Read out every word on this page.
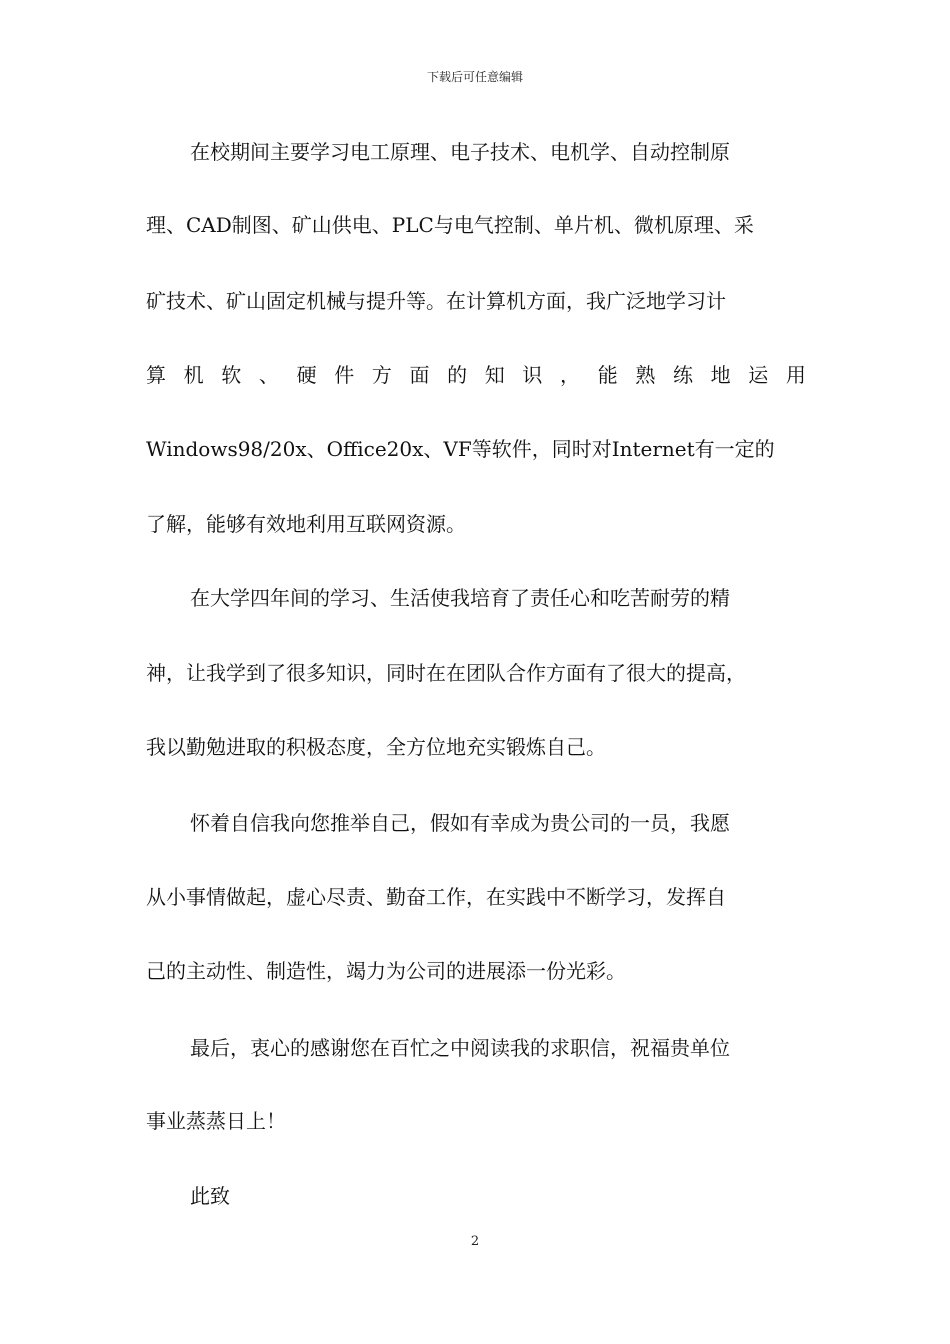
下载后可任意编辑
在校期间主要学习电工原理、电子技术、电机学、自动控制原
理、CAD制图、矿山供电、PLC与电气控制、单片机、微机原理、采
矿技术、矿山固定机械与提升等。在计算机方面，我广泛地学习计
算 机 软 、 硬 件 方 面 的 知 识 ， 能 熟 练 地 运 用
Windows98/20x、Office20x、VF等软件，同时对Internet有一定的
了解，能够有效地利用互联网资源。
在大学四年间的学习、生活使我培育了责任心和吃苦耐劳的精
神，让我学到了很多知识，同时在在团队合作方面有了很大的提高，
我以勤勉进取的积极态度，全方位地充实锻炼自己。
怀着自信我向您推举自己，假如有幸成为贵公司的一员，我愿
从小事情做起，虚心尽责、勤奋工作，在实践中不断学习，发挥自
己的主动性、制造性，竭力为公司的进展添一份光彩。
最后，衷心的感谢您在百忙之中阅读我的求职信，祝福贵单位
事业蒸蒸日上！
此致
2
